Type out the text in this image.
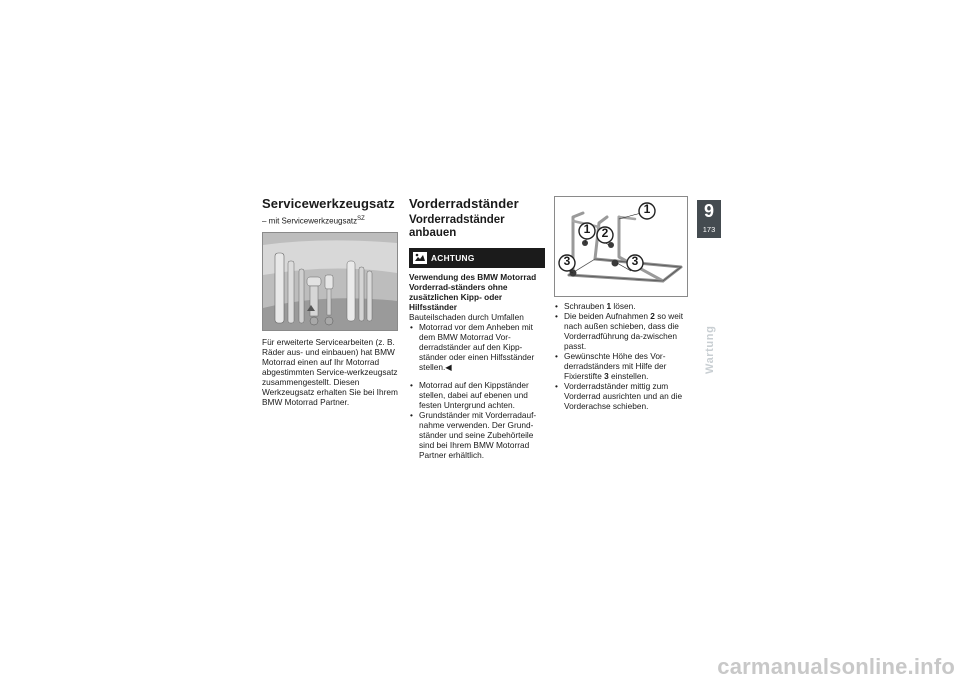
Servicewerkzeugsatz
– mit Servicewerkzeugsatz$^{SZ}$

Für erweiterte Servicearbeiten (z. B. Räder aus- und einbauen) hat BMW Motorrad einen auf Ihr Motorrad abgestimmten Service-werkzeugsatz zusammengestellt. Diesen Werkzeugsatz erhalten Sie bei Ihrem BMW Motorrad Partner.

Vorderradständer
Vorderradständer anbauen
ACHTUNG
Verwendung des BMW Motorrad Vorderrad-ständers ohne zusätzlichen Kipp- oder Hilfsständer
Bauteilschaden durch Umfallen
• Motorrad vor dem Anheben mit dem BMW Motorrad Vor-derradständer auf den Kipp-ständer oder einen Hilfsständer stellen.◀
• Motorrad auf den Kippständer stellen, dabei auf ebenen und festen Untergrund achten.
• Grundständer mit Vorderradauf-nahme verwenden. Der Grund-ständer und seine Zubehörteile sind bei Ihrem BMW Motorrad Partner erhältlich.
1
1 2
3	3
• Schrauben 1 lösen.
• Die beiden Aufnahmen 2 so weit nach außen schieben, dass die Vorderradführung da-zwischen passt.
• Gewünschte Höhe des Vor-derradständers mit Hilfe der Fixierstifte 3 einstellen.
• Vorderradständer mittig zum Vorderrad ausrichten und an die Vorderachse schieben.
9
173
Wartung
carmanualsonline.info
